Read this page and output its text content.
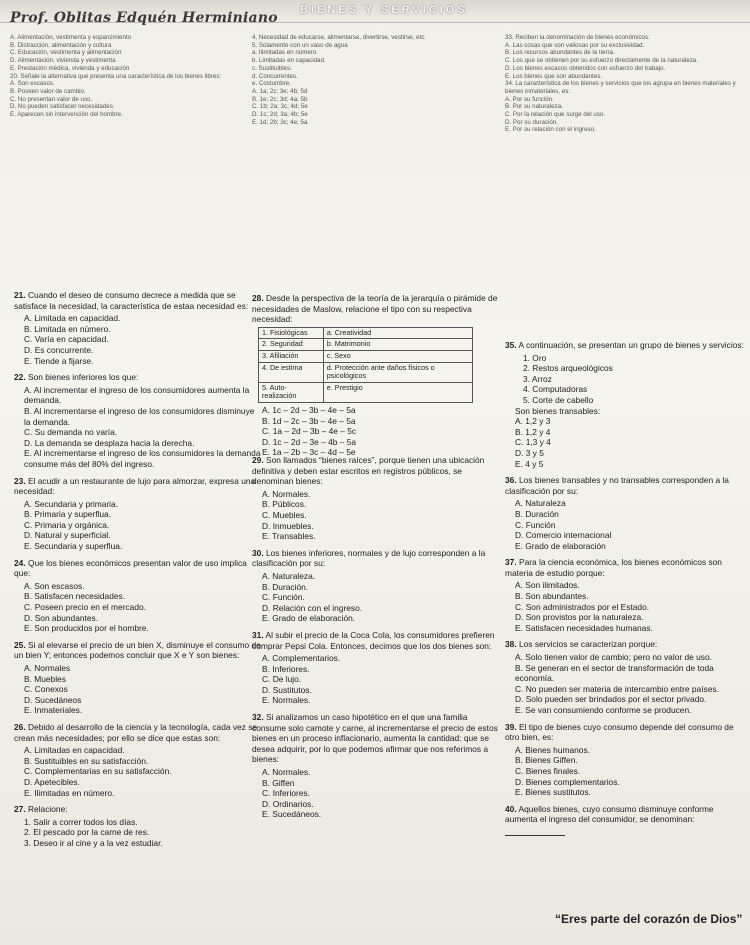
BIENES Y SERVICIOS
Prof. Oblitas Edquén Herminiano

A. Alimentación, vestimenta y esparcimiento

B. Distracción, alimentación y cultura

C. Educación, vestimenta y alimentación

D. Alimentación, vivienda y vestimenta

E. Prestación médica, vivienda y educación

20. Señale la alternativa que presenta una característica de los bienes libres:

A. Son escasos.

B. Poseen valor de cambio.

C. No presentan valor de uso.

D. No pueden satisfacer necesidades.

E. Aparecen sin intervención del hombre.

4. Necesidad de educarse, alimentarse, divertirse, vestirse, etc.

5. Solamente con un vaso de agua

a. Ilimitadas en número.

b. Limitadas en capacidad.

c. Sustituibles.

d. Concurrentes.

e. Costumbre.

A. 1a; 2c; 3e; 4b; 5d

B. 1e; 2c; 3d; 4a; 5b

C. 1b; 2a; 3c; 4d; 5e

D. 1c; 2d; 3a; 4b; 5e

E. 1d; 2b; 3c; 4e; 5a

33. Reciben la denominación de bienes económicos:

A. Las cosas que son valiosas por su exclusividad.

B. Los recursos abundantes de la tierra.

C. Los que se obtienen por su esfuerzo directamente de la naturaleza.

D. Los bienes escasos obtenidos con esfuerzo del trabajo.

E. Los bienes que son abundantes.

34. La característica de los bienes y servicios que los agrupa en bienes materiales y bienes inmateriales, es:

A. Por su función.

B. Por su naturaleza.

C. Por la relación que surge del uso.

D. Por su duración.

E. Por su relación con el ingreso.

21. Cuando el deseo de consumo decrece a medida que se satisface la necesidad, la característica de estaa necesidad es:

A. Limitada en capacidad.

B. Limitada en número.

C. Varía en capacidad.

D. Es concurrente.

E. Tiende a fijarse.

22. Son bienes inferiores los que:

A. Al incrementar el ingreso de los consumidores aumenta la demanda.

B. Al incrementarse el ingreso de los consumidores disminuye la demanda.

C. Su demanda no varía.

D. La demanda se desplaza hacia la derecha.

E. Al incrementarse el ingreso de los consumidores la demanda consume más del 80% del ingreso.

23. El acudir a un restaurante de lujo para almorzar, expresa una necesidad:

A. Secundaria y primaria.

B. Primaria y superflua.

C. Primaria y orgánica.

D. Natural y superficial.

E. Secundaria y superflua.

24. Que los bienes económicos presentan valor de uso implica que:

A. Son escasos.

B. Satisfacen necesidades.

C. Poseen precio en el mercado.

D. Son abundantes.

E. Son producidos por el hombre.

25. Si al elevarse el precio de un bien X, disminuye el consumo de un bien Y; entonces podemos concluir que X e Y son bienes:

A. Normales

B. Muebles

C. Conexos

D. Sucedáneos

E. Inmateriales.

26. Debido al desarrollo de la ciencia y la tecnología, cada vez se crean más necesidades; por ello se dice que estas son:

A. Limitadas en capacidad.

B. Sustituibles en su satisfacción.

C. Complementarias en su satisfacción.

D. Apetecibles.

E. Ilimitadas en número.

27. Relacione:

1. Salir a correr todos los días.

2. El pescado por la carne de res.

3. Deseo ir al cine y a la vez estudiar.

28. Desde la perspectiva de la teoría de la jerarquía o pirámide de necesidades de Maslow, relacione el tipo con su respectiva necesidad:

1. Fisiológicas	a. Creatividad
2. Seguridad	b. Matrimonio
3. Afiliación	c. Sexo
4. De estima	d. Protección ante daños físicos o psicológicos
5. Auto-realización	e. Prestigio

A. 1c – 2d – 3b – 4e – 5a

B. 1d – 2c – 3b – 4e – 5a

C. 1a – 2d – 3b – 4e – 5c

D. 1c – 2d – 3e – 4b – 5a

E. 1a – 2b – 3c – 4d – 5e

29. Son llamados “bienes raíces”, porque tienen una ubicación definitiva y deben estar escritos en registros públicos, se denominan bienes:

A. Normales.

B. Públicos.

C. Muebles.

D. Inmuebles.

E. Transables.

30. Los bienes inferiores, normales y de lujo corresponden a la clasificación por su:

A. Naturaleza.

B. Duración.

C. Función.

D. Relación con el ingreso.

E. Grado de elaboración.

31. Al subir el precio de la Coca Cola, los consumidores prefieren comprar Pepsi Cola. Entonces, decimos que los dos bienes son:

A. Complementarios.

B. Inferiores.

C. De lujo.

D. Sustitutos.

E. Normales.

32. Si analizamos un caso hipotético en el que una familia consume solo camote y carne, al incrementarse el precio de estos bienes en un proceso inflacionario, aumenta la cantidad: que se desea adquirir, por lo que podemos afirmar que nos referimos a bienes:

A. Normales.

B. Giffen

C. Inferiores.

D. Ordinarios.

E. Sucedáneos.

35. A continuación, se presentan un grupo de bienes y servicios:

1. Oro

2. Restos arqueológicos

3. Arroz

4. Computadoras

5. Corte de cabello

Son bienes transables:

A. 1,2 y 3

B. 1,2 y 4

C. 1,3 y 4

D. 3 y 5

E. 4 y 5

36. Los bienes transables y no transables corresponden a la clasificación por su:

A. Naturaleza

B. Duración

C. Función

D. Comercio internacional

E. Grado de elaboración

37. Para la ciencia económica, los bienes económicos son materia de estudio porque:

A. Son ilimitados.

B. Son abundantes.

C. Son administrados por el Estado.

D. Son provistos por la naturaleza.

E. Satisfacen necesidades humanas.

38. Los servicios se caracterizan porque:

A. Solo tienen valor de cambio; pero no valor de uso.

B. Se generan en el sector de transformación de toda economía.

C. No pueden ser materia de intercambio entre países.

D. Solo pueden ser brindados por el sector privado.

E. Se van consumiendo conforme se producen.

39. El tipo de bienes cuyo consumo depende del consumo de otro bien, es:

A. Bienes humanos.

B. Bienes Giffen.

C. Bienes finales.

D. Bienes complementarios.

E. Bienes sustitutos.

40. Aquellos bienes, cuyo consumo disminuye conforme aumenta el ingreso del consumidor, se denominan:

“Eres parte del corazón de Dios”
